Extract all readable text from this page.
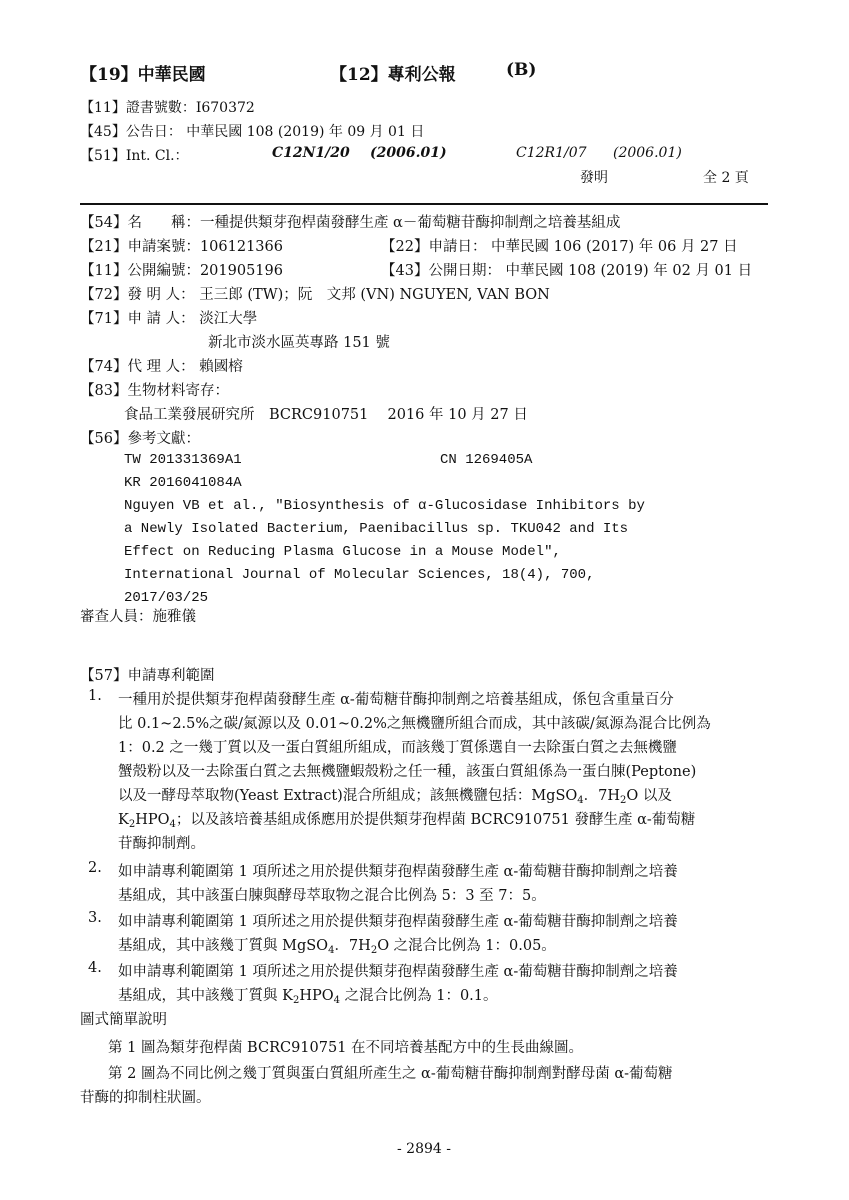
【19】中華民國	【12】專利公報	(B)
【11】證書號數：I670372
【45】公告日： 中華民國 108 (2019) 年 09 月 01 日
【51】Int. Cl.：	C12N1/20 (2006.01)	C12R1/07 (2006.01)
發明	全 2 頁
【54】名　　稱：一種提供類芽孢桿菌發酵生產 α－葡萄糖苷酶抑制劑之培養基組成
【21】申請案號：106121366	【22】申請日： 中華民國 106 (2017) 年 06 月 27 日
【11】公開編號：201905196	【43】公開日期： 中華民國 108 (2019) 年 02 月 01 日
【72】發 明 人： 王三郎 (TW)；阮　文邦 (VN) NGUYEN, VAN BON
【71】申 請 人： 淡江大學
新北市淡水區英專路 151 號
【74】代 理 人： 賴國榕
【83】生物材料寄存：
食品工業發展研究所　BCRC910751　 2016 年 10 月 27 日
【56】參考文獻：
TW 201331369A1	CN 1269405A
KR 2016041084A
Nguyen VB et al., "Biosynthesis of α-Glucosidase Inhibitors by
a Newly Isolated Bacterium, Paenibacillus sp. TKU042 and Its
Effect on Reducing Plasma Glucose in a Mouse Model",
International Journal of Molecular Sciences, 18(4), 700,
2017/03/25
審查人員：施雅儀
【57】申請專利範圍
1. 一種用於提供類芽孢桿菌發酵生產 α-葡萄糖苷酶抑制劑之培養基組成，係包含重量百分
比 0.1~2.5%之碳/氮源以及 0.01~0.2%之無機鹽所組合而成，其中該碳/氮源為混合比例為
1：0.2 之一幾丁質以及一蛋白質組所組成，而該幾丁質係選自一去除蛋白質之去無機鹽
蟹殼粉以及一去除蛋白質之去無機鹽蝦殼粉之任一種，該蛋白質組係為一蛋白腖(Peptone)
以及一酵母萃取物(Yeast Extract)混合所組成；該無機鹽包括：MgSO$_4$．$7H_2O$ 以及
$K_2HPO_4$；以及該培養基組成係應用於提供類芽孢桿菌 BCRC910751 發酵生產 α-葡萄糖
苷酶抑制劑。
2. 如申請專利範圍第 1 項所述之用於提供類芽孢桿菌發酵生產 α-葡萄糖苷酶抑制劑之培養
基組成，其中該蛋白腖與酵母萃取物之混合比例為 5：3 至 7：5。
3. 如申請專利範圍第 1 項所述之用於提供類芽孢桿菌發酵生產 α-葡萄糖苷酶抑制劑之培養
基組成，其中該幾丁質與 MgSO$_4$．$7H_2O$ 之混合比例為 1：0.05。
4. 如申請專利範圍第 1 項所述之用於提供類芽孢桿菌發酵生產 α-葡萄糖苷酶抑制劑之培養
基組成，其中該幾丁質與 $K_2HPO_4$ 之混合比例為 1：0.1。
圖式簡單說明
第 1 圖為類芽孢桿菌 BCRC910751 在不同培養基配方中的生長曲線圖。
第 2 圖為不同比例之幾丁質與蛋白質組所產生之 α-葡萄糖苷酶抑制劑對酵母菌 α-葡萄糖
苷酶的抑制柱狀圖。
- 2894 -
